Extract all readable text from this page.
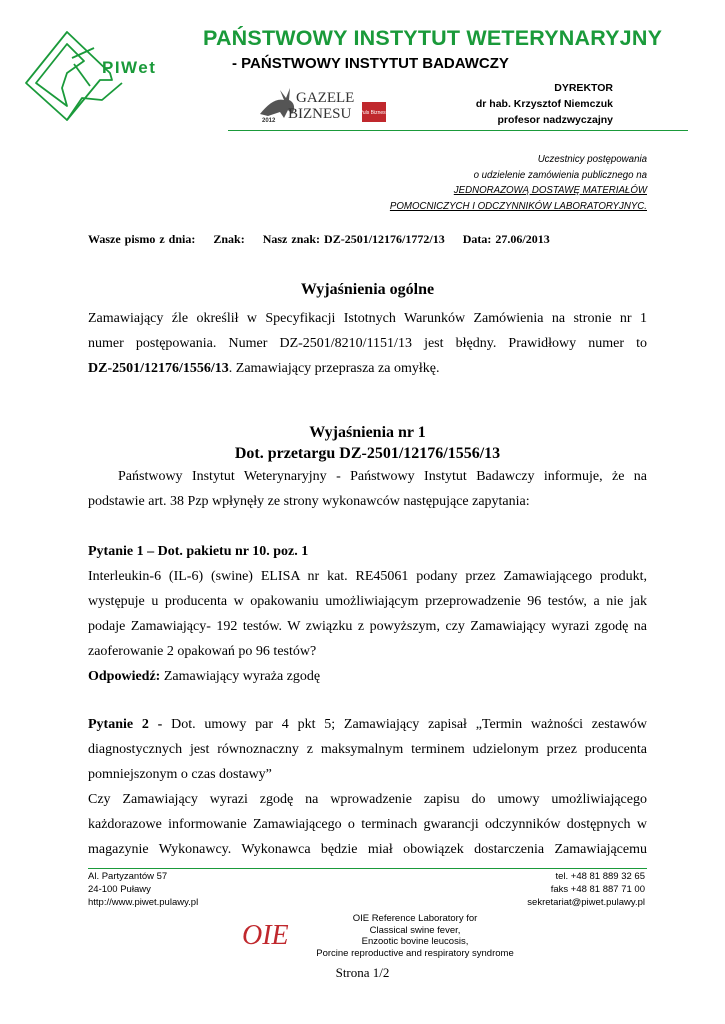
PIWet
PAŃSTWOWY INSTYTUT WETERYNARYJNY
- PAŃSTWOWY INSTYTUT BADAWCZY
GAZELE
BIZNESU
2012
Puls Biznesu
DYREKTOR
dr hab. Krzysztof Niemczuk
profesor nadzwyczajny
Uczestnicy postępowania
o udzielenie zamówienia publicznego na
JEDNORAZOWĄ DOSTAWĘ MATERIAŁÓW
POMOCNICZYCH I ODCZYNNIKÓW LABORATORYJNYC.
Wasze pismo z dnia: Znak: Nasz znak: DZ-2501/12176/1772/13 Data: 27.06/2013
Wyjaśnienia ogólne
Zamawiający źle określił w Specyfikacji Istotnych Warunków Zamówienia na stronie nr 1
numer postępowania. Numer DZ-2501/8210/1151/13 jest błędny. Prawidłowy numer to
DZ-2501/12176/1556/13. Zamawiający przeprasza za omyłkę.
Wyjaśnienia nr 1
Dot. przetargu DZ-2501/12176/1556/13
Państwowy Instytut Weterynaryjny - Państwowy Instytut Badawczy informuje, że na
podstawie art. 38 Pzp wpłynęły ze strony wykonawców następujące zapytania:
Pytanie 1 – Dot. pakietu nr 10. poz. 1

Interleukin-6 (IL-6) (swine) ELISA nr kat. RE45061 podany przez Zamawiającego produkt,
występuje u producenta w opakowaniu umożliwiającym przeprowadzenie 96 testów, a nie jak
podaje Zamawiający- 192 testów. W związku z powyższym, czy Zamawiający wyrazi zgodę na
zaoferowanie 2 opakowań po 96 testów?
Odpowiedź: Zamawiający wyraża zgodę
Pytanie 2 - Dot. umowy par 4 pkt 5; Zamawiający zapisał „Termin ważności zestawów
diagnostycznych jest równoznaczny z maksymalnym terminem udzielonym przez producenta
pomniejszonym o czas dostawy”

Czy Zamawiający wyrazi zgodę na wprowadzenie zapisu do umowy umożliwiającego
każdorazowe informowanie Zamawiającego o terminach gwarancji odczynników dostępnych w
magazynie Wykonawcy. Wykonawca będzie miał obowiązek dostarczenia Zamawiającemu
Al. Partyzantów 57
24-100 Puławy
http://www.piwet.pulawy.pl
tel. +48 81 889 32 65
faks +48 81 887 71 00
sekretariat@piwet.pulawy.pl
OIE
OIE Reference Laboratory for
Classical swine fever,
Enzootic bovine leucosis,
Porcine reproductive and respiratory syndrome
Strona 1/2
